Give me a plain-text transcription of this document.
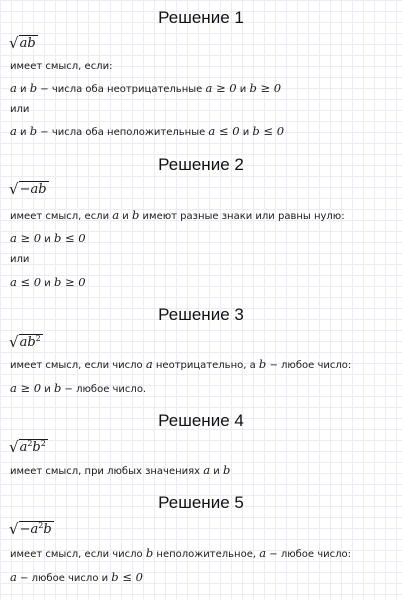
Решение 1
√ab
имеет смысл, если:
a и b − числа оба неотрицательные a ≥ 0 и b ≥ 0
или
a и b − числа оба неположительные a ≤ 0 и b ≤ 0
Решение 2
√−ab
имеет смысл, если a и b имеют разные знаки или равны нулю:
a ≥ 0 и b ≤ 0
или
a ≤ 0 и b ≥ 0
Решение 3
$√ab^2$
имеет смысл, если число a неотрицательно, а b − любое число:
a ≥ 0 и b − любое число.
Решение 4
$√a^2b^2$
имеет смысл, при любых значениях a и b
Решение 5
$√-a^2b$
имеет смысл, если число b неположительное, a − любое число:
a − любое число и b ≤ 0
